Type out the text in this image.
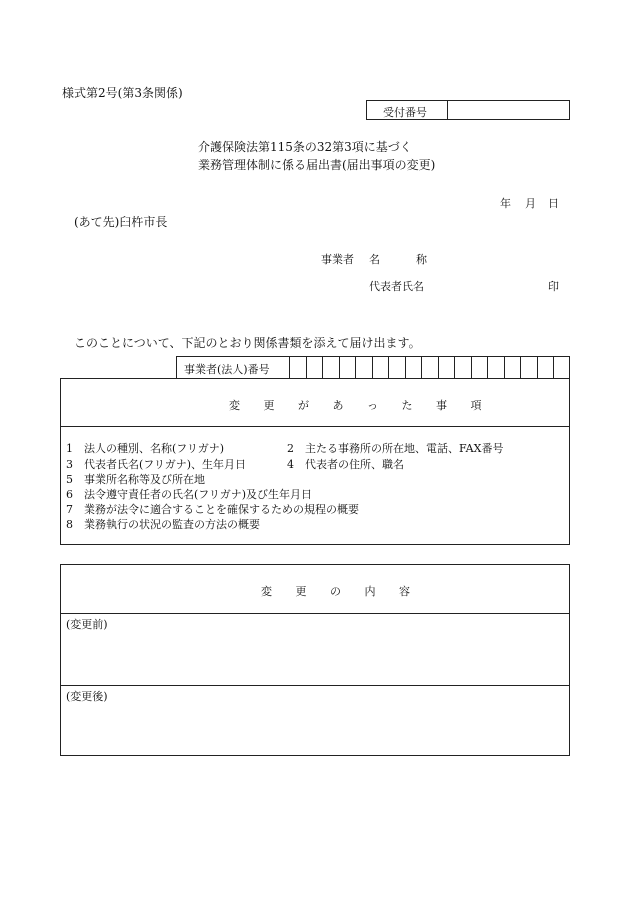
様式第2号(第3条関係)
受付番号
介護保険法第115条の32第3項に基づく
業務管理体制に係る届出書(届出事項の変更)
年 月 日
(あて先)臼杵市長
事業者 名	称
代表者氏名	印
このことについて、下記のとおり関係書類を添えて届け出ます。
事業者(法人)番号
変 更 が あ っ た 事 項
1　法人の種別、名称(フリガナ)	2　主たる事務所の所在地、電話、FAX番号
3　代表者氏名(フリガナ)、生年月日	4　代表者の住所、職名
5　事業所名称等及び所在地
6　法令遵守責任者の氏名(フリガナ)及び生年月日
7　業務が法令に適合することを確保するための規程の概要
8　業務執行の状況の監査の方法の概要
変 更 の 内 容
(変更前)
(変更後)
